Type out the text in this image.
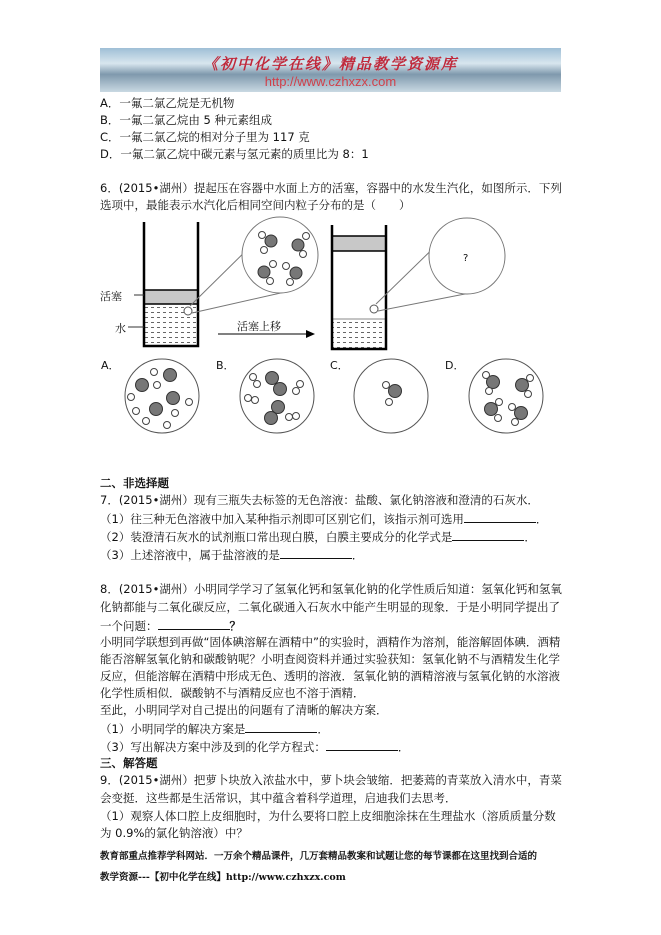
《初中化学在线》精品教学资源库
http://www.czhxzx.com
A．一氟二氯乙烷是无机物
B．一氟二氯乙烷由 5 种元素组成
C．一氟二氯乙烷的相对分子里为 117 克
D．一氟二氯乙烷中碳元素与氢元素的质里比为 8：1
6．(2015•湖州）提起压在容器中水面上方的活塞，容器中的水发生汽化，如图所示．下列
选项中，最能表示水汽化后相同空间内粒子分布的是（　　）
活塞
水	活塞上移
?
A．	B．	C．	D．
二、非选择题
7．(2015•湖州）现有三瓶失去标签的无色溶液：盐酸、氯化钠溶液和澄清的石灰水．
（1）往三种无色溶液中加入某种指示剂即可区别它们，该指示剂可选用	．
（2）装澄清石灰水的试剂瓶口常出现白膜，白膜主要成分的化学式是	．
（3）上述溶液中，属于盐溶液的是	．
8．(2015•湖州）小明同学学习了氢氧化钙和氢氧化钠的化学性质后知道：氢氧化钙和氢氧
化钠都能与二氧化碳反应，二氧化碳通入石灰水中能产生明显的现象．于是小明同学提出了
一个问题：	？
小明同学联想到再做“固体碘溶解在酒精中”的实验时，酒精作为溶剂，能溶解固体碘．酒精
能否溶解氢氧化钠和碳酸钠呢？小明查阅资料并通过实验获知：氢氧化钠不与酒精发生化学
反应，但能溶解在酒精中形成无色、透明的溶液．氢氧化钠的酒精溶液与氢氧化钠的水溶液
化学性质相似．碳酸钠不与酒精反应也不溶于酒精．
至此，小明同学对自己提出的问题有了清晰的解决方案．
（1）小明同学的解决方案是	．
（3）写出解决方案中涉及到的化学方程式：	．
三、解答题
9．(2015•湖州）把萝卜块放入浓盐水中，萝卜块会皱缩．把萎蔫的青菜放入清水中，青菜
会变挺．这些都是生活常识，其中蕴含着科学道理，启迪我们去思考．
（1）观察人体口腔上皮细胞时，为什么要将口腔上皮细胞涂抹在生理盐水（溶质质量分数
为 0.9%的氯化钠溶液）中？
教育部重点推荐学科网站．一万余个精品课件，几万套精品教案和试题让您的每节课都在这里找到合适的
教学资源---【初中化学在线】http://www.czhxzx.com
